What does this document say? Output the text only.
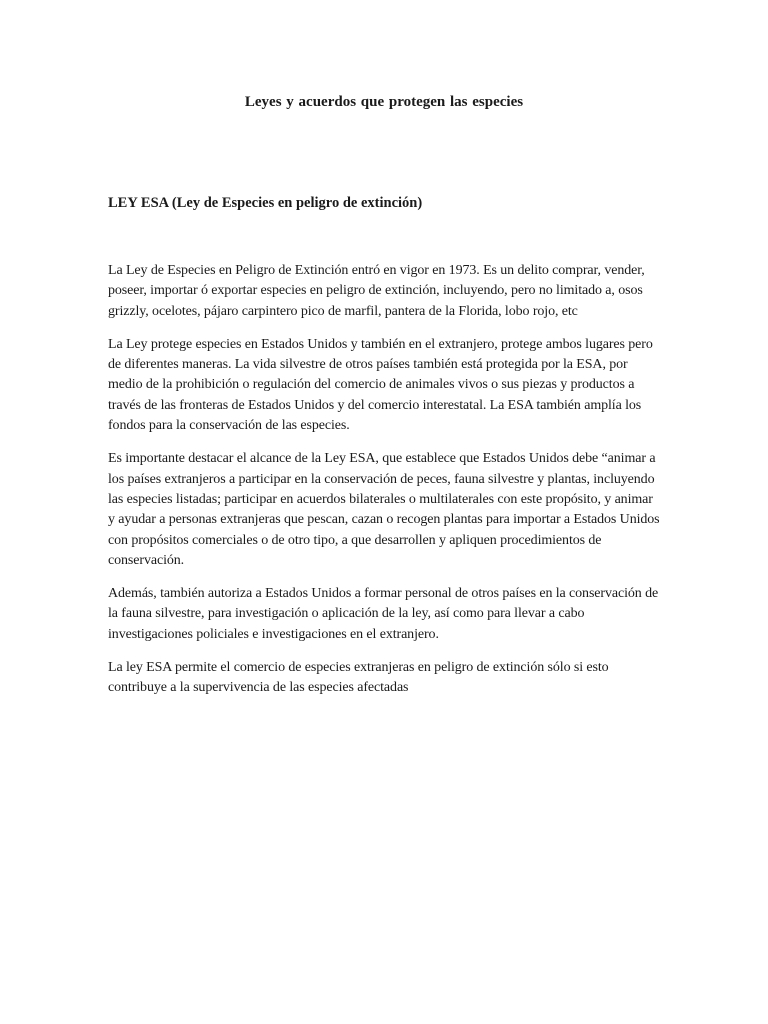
Leyes y acuerdos que protegen las especies
LEY ESA (Ley de Especies en peligro de extinción)

La Ley de Especies en Peligro de Extinción entró en vigor en 1973. Es un delito comprar, vender, poseer, importar ó exportar especies en peligro de extinción, incluyendo, pero no limitado a, osos grizzly, ocelotes, pájaro carpintero pico de marfil, pantera de la Florida, lobo rojo, etc

La Ley protege especies en Estados Unidos y también en el extranjero, protege ambos lugares pero de diferentes maneras. La vida silvestre de otros países también está protegida por la ESA, por medio de la prohibición o regulación del comercio de animales vivos o sus piezas y productos a través de las fronteras de Estados Unidos y del comercio interestatal. La ESA también amplía los fondos para la conservación de las especies.

Es importante destacar el alcance de la Ley ESA, que establece que Estados Unidos debe “animar a los países extranjeros a participar en la conservación de peces, fauna silvestre y plantas, incluyendo las especies listadas; participar en acuerdos bilaterales o multilaterales con este propósito, y animar y ayudar a personas extranjeras que pescan, cazan o recogen plantas para importar a Estados Unidos con propósitos comerciales o de otro tipo, a que desarrollen y apliquen procedimientos de conservación.

Además, también autoriza a Estados Unidos a formar personal de otros países en la conservación de la fauna silvestre, para investigación o aplicación de la ley, así como para llevar a cabo investigaciones policiales e investigaciones en el extranjero.

La ley ESA permite el comercio de especies extranjeras en peligro de extinción sólo si esto contribuye a la supervivencia de las especies afectadas
